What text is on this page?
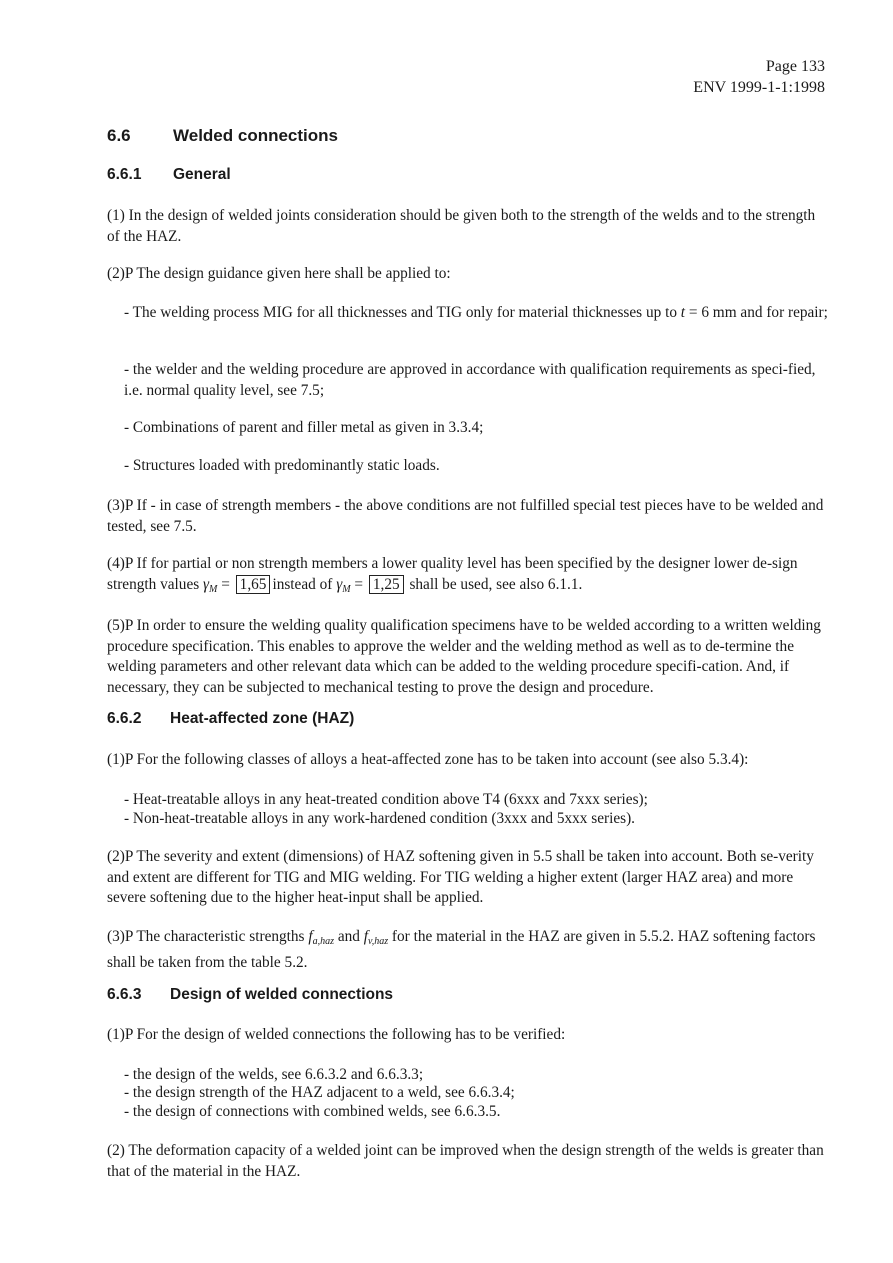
Page 133
ENV 1999-1-1:1998
6.6 Welded connections
6.6.1 General
(1) In the design of welded joints consideration should be given both to the strength of the welds and to the strength of the HAZ.
(2)P The design guidance given here shall be applied to:
- The welding process MIG for all thicknesses and TIG only for material thicknesses up to t = 6 mm and for repair;
- the welder and the welding procedure are approved in accordance with qualification requirements as speci-fied, i.e. normal quality level, see 7.5;
- Combinations of parent and filler metal as given in 3.3.4;
- Structures loaded with predominantly static loads.
(3)P If - in case of strength members - the above conditions are not fulfilled special test pieces have to be welded and tested, see 7.5.
(4)P If for partial or non strength members a lower quality level has been specified by the designer lower de-sign strength values $\gamma_M = 1,65$ instead of $\gamma_M = 1,25$ shall be used, see also 6.1.1.
(5)P In order to ensure the welding quality qualification specimens have to be welded according to a written welding procedure specification. This enables to approve the welder and the welding method as well as to de-termine the welding parameters and other relevant data which can be added to the welding procedure specifi-cation. And, if necessary, they can be subjected to mechanical testing to prove the design and procedure.
6.6.2 Heat-affected zone (HAZ)
(1)P For the following classes of alloys a heat-affected zone has to be taken into account (see also 5.3.4):
- Heat-treatable alloys in any heat-treated condition above T4 (6xxx and 7xxx series);
- Non-heat-treatable alloys in any work-hardened condition (3xxx and 5xxx series).
(2)P The severity and extent (dimensions) of HAZ softening given in 5.5 shall be taken into account. Both se-verity and extent are different for TIG and MIG welding. For TIG welding a higher extent (larger HAZ area) and more severe softening due to the higher heat-input shall be applied.
(3)P The characteristic strengths $f_{a,haz}$ and $f_{v,haz}$ for the material in the HAZ are given in 5.5.2. HAZ softening factors shall be taken from the table 5.2.
6.6.3 Design of welded connections
(1)P For the design of welded connections the following has to be verified:
- the design of the welds, see 6.6.3.2 and 6.6.3.3;
- the design strength of the HAZ adjacent to a weld, see 6.6.3.4;
- the design of connections with combined welds, see 6.6.3.5.
(2) The deformation capacity of a welded joint can be improved when the design strength of the welds is greater than that of the material in the HAZ.
